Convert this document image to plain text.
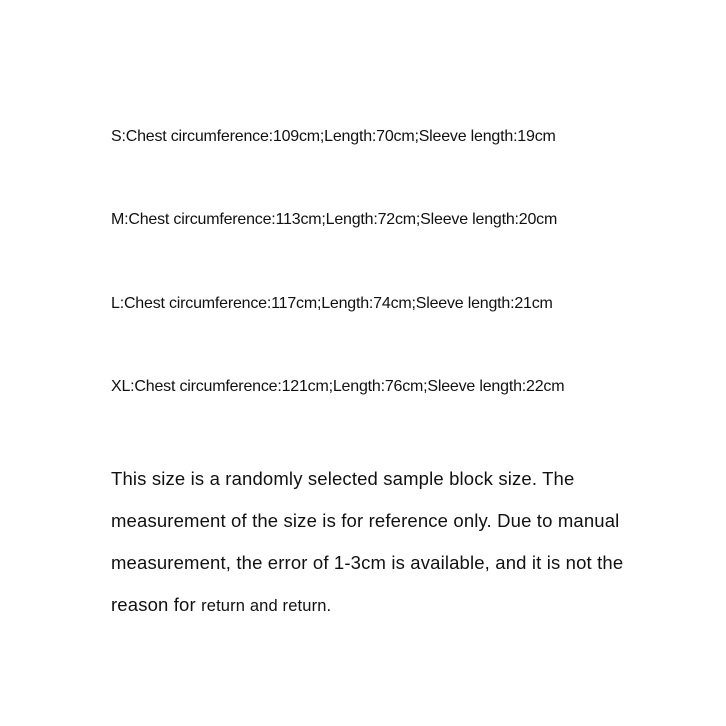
S:Chest circumference:109cm;Length:70cm;Sleeve length:19cm
M:Chest circumference:113cm;Length:72cm;Sleeve length:20cm
L:Chest circumference:117cm;Length:74cm;Sleeve length:21cm
XL:Chest circumference:121cm;Length:76cm;Sleeve length:22cm
This size is a randomly selected sample block size. The
measurement of the size is for reference only. Due to manual
measurement, the error of 1-3cm is available, and it is not the
reason for return and return.
